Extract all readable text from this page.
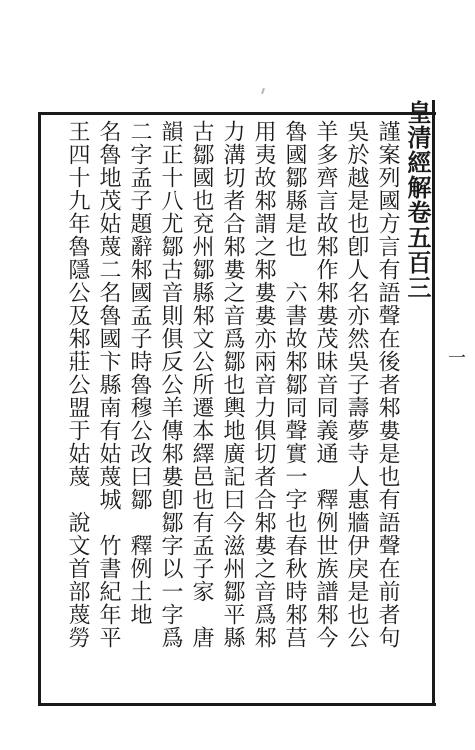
皇清經解卷五百三
謹案列國方言有語聲在後者邾婁是也有語聲在前者句
吳於越是也卽人名亦然吳子壽夢寺人惠牆伊戾是也公
羊多齊言故邾作邾婁茂昧音同義通　釋例世族譜邾今
魯國鄒縣是也　六書故邾鄒同聲實一字也春秋時邾莒
用夷故邾謂之邾婁婁亦兩音力俱切者合邾婁之音爲邾
力溝切者合邾婁之音爲鄒也輿地廣記曰今滋州鄒平縣
古鄒國也兗州鄒縣邾文公所遷本繹邑也有孟子家　唐
韻正十八尤鄒古音則俱反公羊傳邾婁卽鄒字以一字爲
二字孟子題辭邾國孟子時魯穆公改曰鄒　釋例土地
名魯地茂姑蔑二名魯國卞縣南有姑蔑城　竹書紀年平
王四十九年魯隱公及邾莊公盟于姑蔑　說文首部蔑勞	一
